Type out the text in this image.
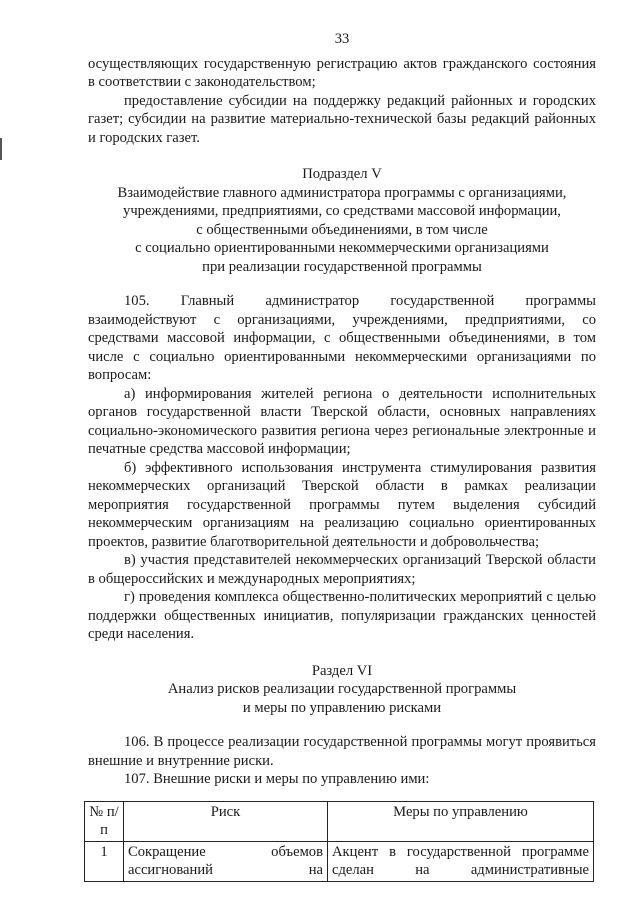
33

осуществляющих государственную регистрацию актов гражданского состояния в соответствии с законодательством;

предоставление субсидии на поддержку редакций районных и городских газет; субсидии на развитие материально-технической базы редакций районных и городских газет.

Подраздел V
Взаимодействие главного администратора программы с организациями,
учреждениями, предприятиями, со средствами массовой информации,
с общественными объединениями, в том числе
с социально ориентированными некоммерческими организациями
при реализации государственной программы

105. Главный администратор государственной программы взаимодействуют с организациями, учреждениями, предприятиями, со средствами массовой информации, с общественными объединениями, в том числе с социально ориентированными некоммерческими организациями по вопросам:

а) информирования жителей региона о деятельности исполнительных органов государственной власти Тверской области, основных направлениях социально-экономического развития региона через региональные электронные и печатные средства массовой информации;

б) эффективного использования инструмента стимулирования развития некоммерческих организаций Тверской области в рамках реализации мероприятия государственной программы путем выделения субсидий некоммерческим организациям на реализацию социально ориентированных проектов, развитие благотворительной деятельности и добровольчества;

в) участия представителей некоммерческих организаций Тверской области в общероссийских и международных мероприятиях;

г) проведения комплекса общественно-политических мероприятий с целью поддержки общественных инициатив, популяризации гражданских ценностей среди населения.

Раздел VI
Анализ рисков реализации государственной программы
и меры по управлению рисками

106. В процессе реализации государственной программы могут проявиться внешние и внутренние риски.

107. Внешние риски и меры по управлению ими:

№ п/п	Риск	Меры по управлению
1	Сокращение объемов ассигнований на	Акцент в государственной программе сделан на административные
